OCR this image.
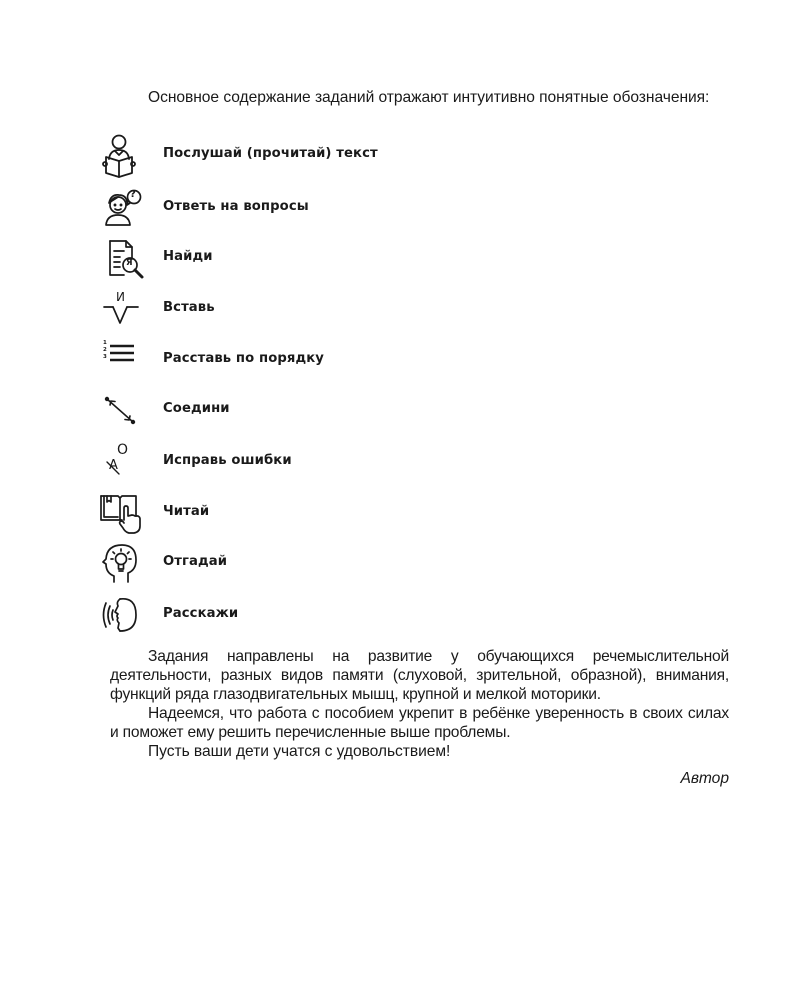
Основное содержание заданий отражают интуитивно понятные обозначения:

Послушай (прочитай) текст
?
Ответь на вопросы
Я Найди
И
Вставь
1
2
3	Расставь по порядку
Соедини
О
А	Исправь ошибки
Читай
Отгадай
Расскажи

Задания направлены на развитие у обучающихся речемыслительной деятельности, разных видов памяти (слуховой, зрительной, образной), внимания, функций ряда глазодвигательных мышц, крупной и мелкой моторики.

Надеемся, что работа с пособием укрепит в ребёнке уверенность в своих силах и поможет ему решить перечисленные выше проблемы.

Пусть ваши дети учатся с удовольствием!

Автор
